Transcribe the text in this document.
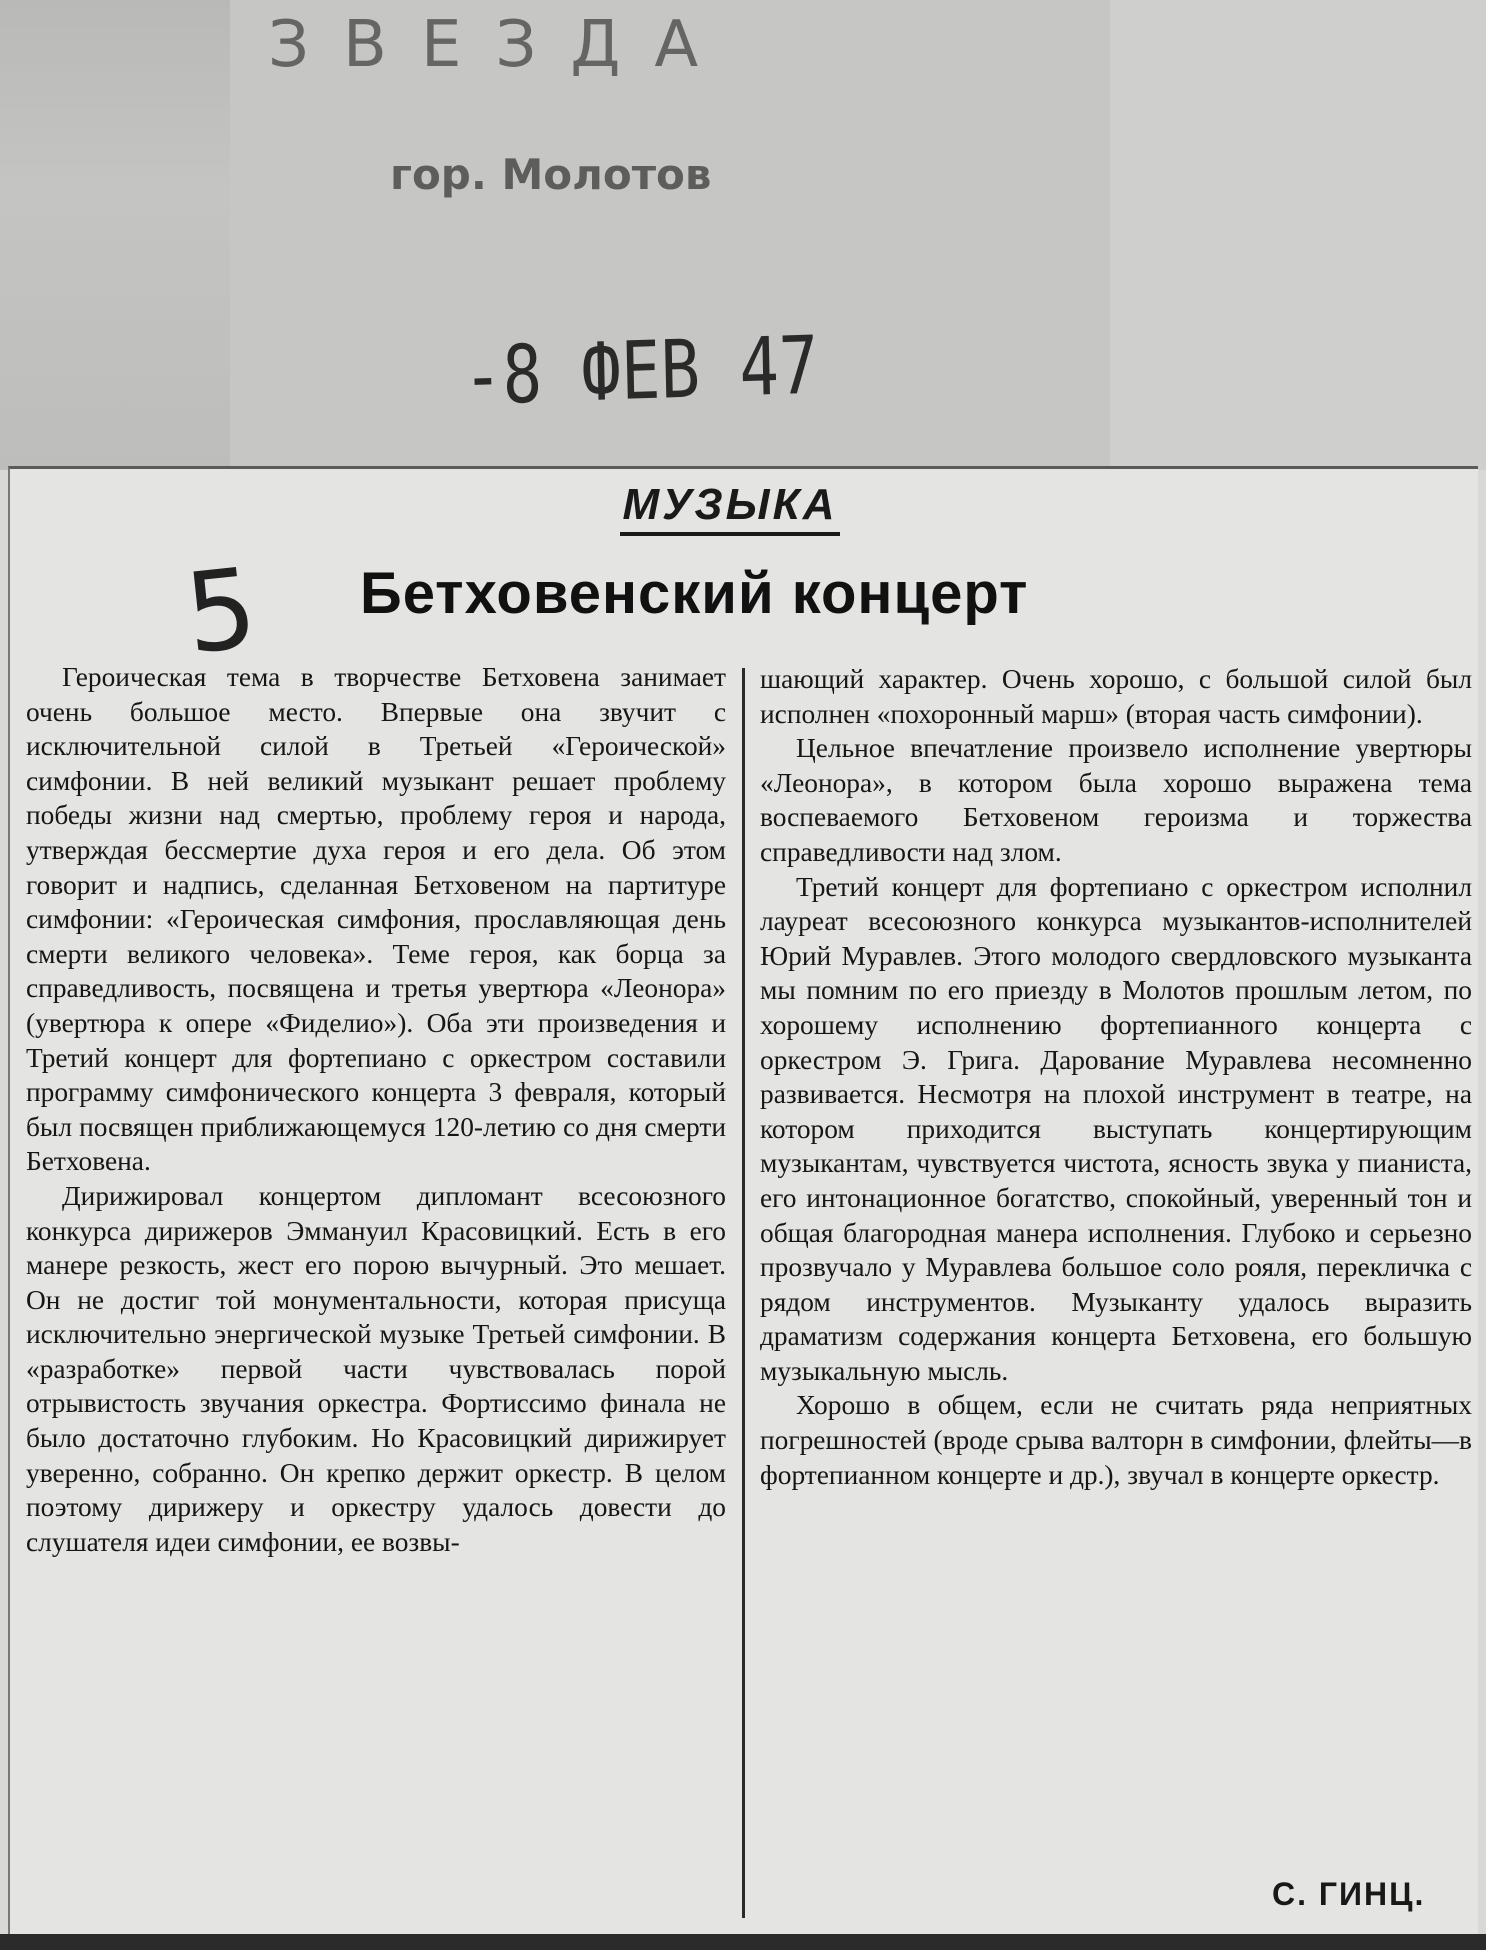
ЗВЕЗДА
гор. Молотов
-8 ФЕВ 47
МУЗЫКА
5 Бетховенский концерт

Героическая тема в творчестве Бетховена занимает очень большое место. Впервые она звучит с исключительной силой в Третьей «Героической» симфонии. В ней великий музыкант решает проблему победы жизни над смертью, проблему героя и народа, утверждая бессмертие духа героя и его дела. Об этом говорит и надпись, сделанная Бетховеном на партитуре симфонии: «Героическая симфония, прославляющая день смерти великого человека». Теме героя, как борца за справедливость, посвящена и третья увертюра «Леонора» (увертюра к опере «Фиделио»). Оба эти произведения и Третий концерт для фортепиано с оркестром составили программу симфонического концерта 3 февраля, который был посвящен приближающемуся 120-летию со дня смерти Бетховена.

Дирижировал концертом дипломант всесоюзного конкурса дирижеров Эммануил Красовицкий. Есть в его манере резкость, жест его порою вычурный. Это мешает. Он не достиг той монументальности, которая присуща исключительно энергической музыке Третьей симфонии. В «разработке» первой части чувствовалась порой отрывистость звучания оркестра. Фортиссимо финала не было достаточно глубоким. Но Красовицкий дирижирует уверенно, собранно. Он крепко держит оркестр. В целом поэтому дирижеру и оркестру удалось довести до слушателя идеи симфонии, ее возвы-

шающий характер. Очень хорошо, с большой силой был исполнен «похоронный марш» (вторая часть симфонии).

Цельное впечатление произвело исполнение увертюры «Леонора», в котором была хорошо выражена тема воспеваемого Бетховеном героизма и торжества справедливости над злом.

Третий концерт для фортепиано с оркестром исполнил лауреат всесоюзного конкурса музыкантов-исполнителей Юрий Муравлев. Этого молодого свердловского музыканта мы помним по его приезду в Молотов прошлым летом, по хорошему исполнению фортепианного концерта с оркестром Э. Грига. Дарование Муравлева несомненно развивается. Несмотря на плохой инструмент в театре, на котором приходится выступать концертирующим музыкантам, чувствуется чистота, ясность звука у пианиста, его интонационное богатство, спокойный, уверенный тон и общая благородная манера исполнения. Глубоко и серьезно прозвучало у Муравлева большое соло рояля, перекличка с рядом инструментов. Музыканту удалось выразить драматизм содержания концерта Бетховена, его большую музыкальную мысль.

Хорошо в общем, если не считать ряда неприятных погрешностей (вроде срыва валторн в симфонии, флейты—в фортепианном концерте и др.), звучал в концерте оркестр.

С. ГИНЦ.
